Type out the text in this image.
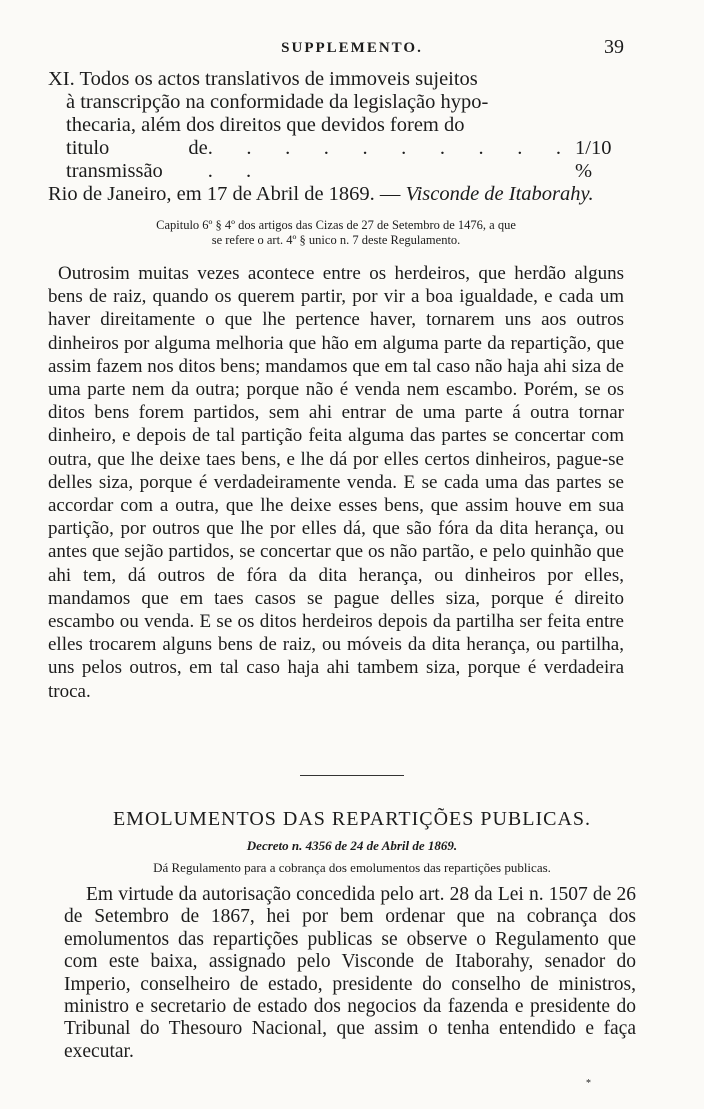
SUPPLEMENTO.	39
XI. Todos os actos translativos de immoveis sujeitos
à transcripção na conformidade da legislação hypo-
thecaria, além dos direitos que devidos forem do
titulo de transmissão
. . . . . . . . . . . .
1/10 %
Rio de Janeiro, em 17 de Abril de 1869. — Visconde de Itaborahy.
Capitulo 6º § 4º dos artigos das Cizas de 27 de Setembro de 1476, a que
se refere o art. 4º § unico n. 7 deste Regulamento.
Outrosim muitas vezes acontece entre os herdeiros, que herdão alguns bens de raiz, quando os querem partir, por vir a boa igualdade, e cada um haver direitamente o que lhe pertence haver, tornarem uns aos outros dinheiros por alguma melhoria que hão em alguma parte da repartição, que assim fazem nos ditos bens; mandamos que em tal caso não haja ahi siza de uma parte nem da outra; porque não é venda nem escambo. Porém, se os ditos bens forem partidos, sem ahi entrar de uma parte á outra tornar dinheiro, e depois de tal partição feita alguma das partes se concertar com outra, que lhe deixe taes bens, e lhe dá por elles certos dinheiros, pague-se delles siza, porque é verdadeiramente venda. E se cada uma das partes se accordar com a outra, que lhe deixe esses bens, que assim houve em sua partição, por outros que lhe por elles dá, que são fóra da dita herança, ou antes que sejão partidos, se concertar que os não partão, e pelo quinhão que ahi tem, dá outros de fóra da dita herança, ou dinheiros por elles, mandamos que em taes casos se pague delles siza, porque é direito escambo ou venda. E se os ditos herdeiros depois da partilha ser feita entre elles trocarem alguns bens de raiz, ou móveis da dita herança, ou partilha, uns pelos outros, em tal caso haja ahi tambem siza, porque é verdadeira troca.
EMOLUMENTOS DAS REPARTIÇÕES PUBLICAS.
Decreto n. 4356 de 24 de Abril de 1869.
Dá Regulamento para a cobrança dos emolumentos das repartições publicas.
Em virtude da autorisação concedida pelo art. 28 da Lei n. 1507 de 26 de Setembro de 1867, hei por bem ordenar que na cobrança dos emolumentos das repartições publicas se observe o Regulamento que com este baixa, assignado pelo Visconde de Itaborahy, senador do Imperio, conselheiro de estado, presidente do conselho de ministros, ministro e secretario de estado dos negocios da fazenda e presidente do Tribunal do Thesouro Nacional, que assim o tenha entendido e faça executar.
*
